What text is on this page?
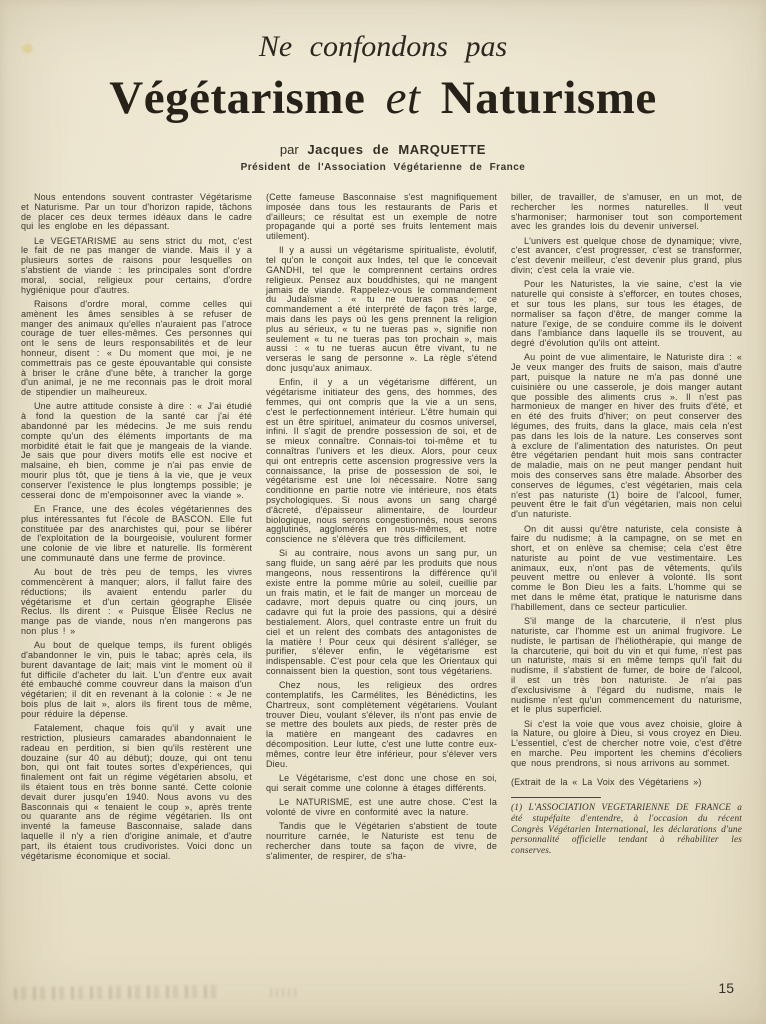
Ne confondons pas
Végétarisme et Naturisme
par Jacques de MARQUETTE
Président de l'Association Végétarienne de France

Nous entendons souvent contraster Végétarisme et Naturisme. Par un tour d'horizon rapide, tâchons de placer ces deux termes idéaux dans le cadre qui les englobe en les dépassant.

Le VEGETARISME au sens strict du mot, c'est le fait de ne pas manger de viande. Mais il y a plusieurs sortes de raisons pour lesquelles on s'abstient de viande : les principales sont d'ordre moral, social, religieux pour certains, d'ordre hygiénique pour d'autres.

Raisons d'ordre moral, comme celles qui amènent les âmes sensibles à se refuser de manger des animaux qu'elles n'auraient pas l'atroce courage de tuer elles-mêmes. Ces personnes qui ont le sens de leurs responsabilités et de leur honneur, disent : « Du moment que moi, je ne commettrais pas ce geste épouvantable qui consiste à briser le crâne d'une bête, à trancher la gorge d'un animal, je ne me reconnais pas le droit moral de stipendier un malheureux.

Une autre attitude consiste à dire : « J'ai étudié à fond la question de la santé car j'ai été abandonné par les médecins. Je me suis rendu compte qu'un des éléments importants de ma morbidité était le fait que je mangeais de la viande. Je sais que pour divers motifs elle est nocive et malsaine, eh bien, comme je n'ai pas envie de mourir plus tôt, que je tiens à la vie, que je veux conserver l'existence le plus longtemps possible; je cesserai donc de m'empoisonner avec la viande ».

En France, une des écoles végétariennes des plus intéressantes fut l'école de BASCON. Elle fut constituée par des anarchistes qui, pour se libérer de l'exploitation de la bourgeoisie, voulurent former une colonie de vie libre et naturelle. Ils formèrent une communauté dans une ferme de province.

Au bout de très peu de temps, les vivres commencèrent à manquer; alors, il fallut faire des réductions; ils avaient entendu parler du végétarisme et d'un certain géographe Elisée Reclus. Ils dirent : « Puisque Elisée Reclus ne mange pas de viande, nous n'en mangerons pas non plus ! »

Au bout de quelque temps, ils furent obligés d'abandonner le vin, puis le tabac; après cela, ils burent davantage de lait; mais vint le moment où il fut difficile d'acheter du lait. L'un d'entre eux avait été embauché comme couvreur dans la maison d'un végétarien; il dit en revenant à la colonie : « Je ne bois plus de lait », alors ils firent tous de même, pour réduire la dépense.

Fatalement, chaque fois qu'il y avait une restriction, plusieurs camarades abandonnaient le radeau en perdition, si bien qu'ils restèrent une douzaine (sur 40 au début); douze, qui ont tenu bon, qui ont fait toutes sortes d'expériences, qui finalement ont fait un régime végétarien absolu, et ils étaient tous en très bonne santé. Cette colonie devait durer jusqu'en 1940. Nous avons vu des Basconnais qui « tenaient le coup », après trente ou quarante ans de régime végétarien. Ils ont inventé la fameuse Basconnaise, salade dans laquelle il n'y a rien d'origine animale, et d'autre part, ils étaient tous crudivoristes. Voici donc un végétarisme économique et social.

(Cette fameuse Basconnaise s'est magnifiquement imposée dans tous les restaurants de Paris et d'ailleurs; ce résultat est un exemple de notre propagande qui a porté ses fruits lentement mais utilement).

Il y a aussi un végétarisme spiritualiste, évolutif, tel qu'on le conçoit aux Indes, tel que le concevait GANDHI, tel que le comprennent certains ordres religieux. Pensez aux bouddhistes, qui ne mangent jamais de viande. Rappelez-vous le commandement du Judaïsme : « tu ne tueras pas »; ce commandement a été interprété de façon très large, mais dans les pays où les gens prennent la religion plus au sérieux, « tu ne tueras pas », signifie non seulement « tu ne tueras pas ton prochain », mais aussi : « tu ne tueras aucun être vivant, tu ne verseras le sang de personne ». La règle s'étend donc jusqu'aux animaux.

Enfin, il y a un végétarisme différent, un végétarisme initiateur des gens, des hommes, des femmes, qui ont compris que la vie a un sens, c'est le perfectionnement intérieur. L'être humain qui est un être spirituel, animateur du cosmos universel, infini. Il s'agit de prendre possession de soi, et de se mieux connaître. Connais-toi toi-même et tu connaîtras l'univers et les dieux. Alors, pour ceux qui ont entrepris cette ascension progressive vers la connaissance, la prise de possession de soi, le végétarisme est une loi nécessaire. Notre sang conditionne en partie notre vie intérieure, nos états psychologiques. Si nous avons un sang chargé d'âcreté, d'épaisseur alimentaire, de lourdeur biologique, nous serons congestionnés, nous serons agglutinés, agglomérés en nous-mêmes, et notre conscience ne s'élèvera que très difficilement.

Si au contraire, nous avons un sang pur, un sang fluide, un sang aéré par les produits que nous mangeons, nous ressentirons la différence qu'il existe entre la pomme mûrie au soleil, cueillie par un frais matin, et le fait de manger un morceau de cadavre, mort depuis quatre ou cinq jours, un cadavre qui fut la proie des passions, qui a désiré bestialement. Alors, quel contraste entre un fruit du ciel et un relent des combats des antagonistes de la matière ! Pour ceux qui désirent s'alléger, se purifier, s'élever enfin, le végétarisme est indispensable. C'est pour cela que les Orientaux qui connaissent bien la question, sont tous végétariens.

Chez nous, les religieux des ordres contemplatifs, les Carmélites, les Bénédictins, les Chartreux, sont complètement végétariens. Voulant trouver Dieu, voulant s'élever, ils n'ont pas envie de se mettre des boulets aux pieds, de rester près de la matière en mangeant des cadavres en décomposition. Leur lutte, c'est une lutte contre eux-mêmes, contre leur être inférieur, pour s'élever vers Dieu.

Le Végétarisme, c'est donc une chose en soi, qui serait comme une colonne à étages différents.

Le NATURISME, est une autre chose. C'est la volonté de vivre en conformité avec la nature.

Tandis que le Végétarien s'abstient de toute nourriture carnée, le Naturiste est tenu de rechercher dans toute sa façon de vivre, de s'alimenter, de respirer, de s'ha-

biller, de travailler, de s'amuser, en un mot, de rechercher les normes naturelles. Il veut s'harmoniser; harmoniser tout son comportement avec les grandes lois du devenir universel.

L'univers est quelque chose de dynamique; vivre, c'est avancer, c'est progresser, c'est se transformer, c'est devenir meilleur, c'est devenir plus grand, plus divin; c'est cela la vraie vie.

Pour les Naturistes, la vie saine, c'est la vie naturelle qui consiste à s'efforcer, en toutes choses, et sur tous les plans, sur tous les étages, de normaliser sa façon d'être, de manger comme la nature l'exige, de se conduire comme ils le doivent dans l'ambiance dans laquelle ils se trouvent, au degré d'évolution qu'ils ont atteint.

Au point de vue alimentaire, le Naturiste dira : « Je veux manger des fruits de saison, mais d'autre part, puisque la nature ne m'a pas donné une cuisinière ou une casserole, je dois manger autant que possible des aliments crus ». Il n'est pas harmonieux de manger en hiver des fruits d'été, et en été des fruits d'hiver; on peut conserver des légumes, des fruits, dans la glace, mais cela n'est pas dans les lois de la nature. Les conserves sont à exclure de l'alimentation des naturistes. On peut être végétarien pendant huit mois sans contracter de maladie, mais on ne peut manger pendant huit mois des conserves sans être malade. Absorber des conserves de légumes, c'est végétarien, mais cela n'est pas naturiste (1) boire de l'alcool, fumer, peuvent être le fait d'un végétarien, mais non celui d'un naturiste.

On dit aussi qu'être naturiste, cela consiste à faire du nudisme; à la campagne, on se met en short, et on enlève sa chemise; cela c'est être naturiste au point de vue vestimentaire. Les animaux, eux, n'ont pas de vêtements, qu'ils peuvent mettre ou enlever à volonté. Ils sont comme le Bon Dieu les a faits. L'homme qui se met dans le même état, pratique le naturisme dans l'habillement, dans ce secteur particulier.

S'il mange de la charcuterie, il n'est plus naturiste, car l'homme est un animal frugivore. Le nudiste, le partisan de l'héliothérapie, qui mange de la charcuterie, qui boit du vin et qui fume, n'est pas un naturiste, mais si en même temps qu'il fait du nudisme, il s'abstient de fumer, de boire de l'alcool, il est un très bon naturiste. Je n'ai pas d'exclusivisme à l'égard du nudisme, mais le nudisme n'est qu'un commencement du naturisme, et le plus superficiel.

Si c'est la voie que vous avez choisie, gloire à la Nature, ou gloire à Dieu, si vous croyez en Dieu. L'essentiel, c'est de chercher notre voie, c'est d'être en marche. Peu importent les chemins d'écoliers que nous prendrons, si nous arrivons au sommet.

(Extrait de la « La Voix des Végétariens »)

(1) L'ASSOCIATION VEGETARIENNE DE FRANCE a été stupéfaite d'entendre, à l'occasion du récent Congrès Végétarien International, les déclarations d'une personnalité officielle tendant à réhabiliter les conserves.

15
